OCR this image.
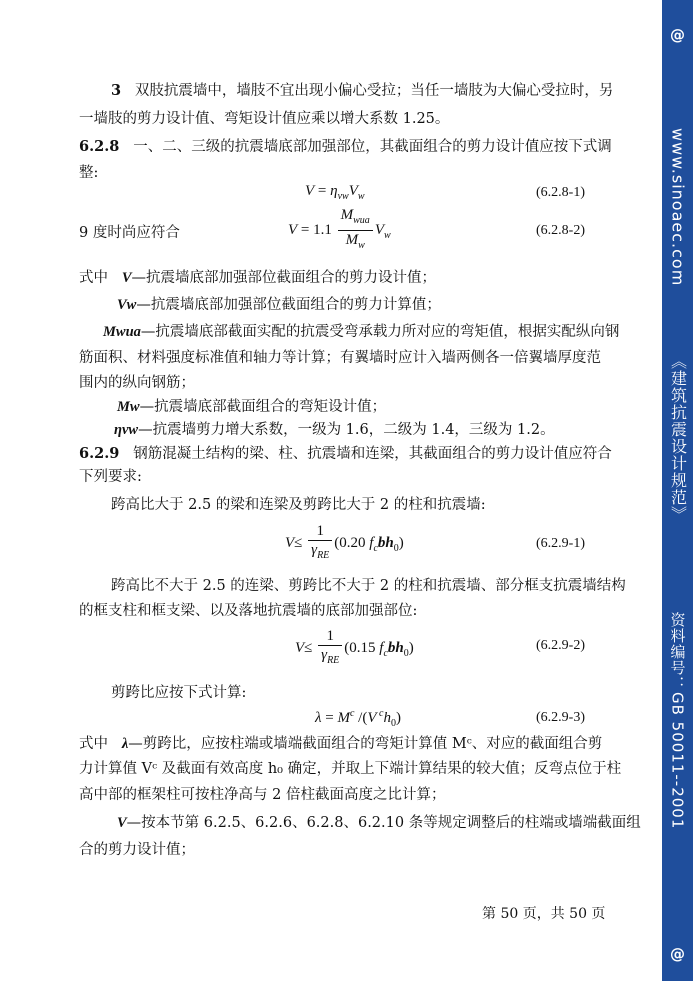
3 双肢抗震墙中，墙肢不宜出现小偏心受拉；当任一墙肢为大偏心受拉时，另
一墙肢的剪力设计值、弯矩设计值应乘以增大系数 1.25。
6.2.8 一、二、三级的抗震墙底部加强部位，其截面组合的剪力设计值应按下式调
整:
$V = \eta_{vw}V_w$	(6.2.8-1)
9 度时尚应符合	$V = 1.1 \frac{M_{wua}}{M_w} V_w$	(6.2.8-2)
式中 V—抗震墙底部加强部位截面组合的剪力设计值；
Vw—抗震墙底部加强部位截面组合的剪力计算值；
Mwua—抗震墙底部截面实配的抗震受弯承载力所对应的弯矩值，根据实配纵向钢
筋面积、材料强度标准值和轴力等计算；有翼墙时应计入墙两侧各一倍翼墙厚度范
围内的纵向钢筋；
Mw—抗震墙底部截面组合的弯矩设计值；
ηvw—抗震墙剪力增大系数，一级为 1.6，二级为 1.4，三级为 1.2。
6.2.9 钢筋混凝土结构的梁、柱、抗震墙和连梁，其截面组合的剪力设计值应符合
下列要求:
跨高比大于 2.5 的梁和连梁及剪跨比大于 2 的柱和抗震墙:
$V\le \frac{1}{\gamma_{RE}} (0.20$ $f_cbh_0$)	(6.2.9-1)
跨高比不大于 2.5 的连梁、剪跨比不大于 2 的柱和抗震墙、部分框支抗震墙结构
的框支柱和框支梁、以及落地抗震墙的底部加强部位:
$V\le \frac{1}{\gamma_{RE}} (0.15$ $f_cbh_0$)	(6.2.9-2)
剪跨比应按下式计算:
$\lambda = M^c$ /(V $^ch_0$)	(6.2.9-3)
式中 λ—剪跨比，应按柱端或墙端截面组合的弯矩计算值 Mᶜ、对应的截面组合剪
力计算值 Vᶜ 及截面有效高度 h₀ 确定，并取上下端计算结果的较大值；反弯点位于柱
高中部的框架柱可按柱净高与 2 倍柱截面高度之比计算；
V—按本节第 6.2.5、6.2.6、6.2.8、6.2.10 条等规定调整后的柱端或墙端截面组
合的剪力设计值；
第 50 页，共 50 页
@
www.sinoaec.com
《建筑抗震设计规范》
资料编号：GB 50011--2001
@
